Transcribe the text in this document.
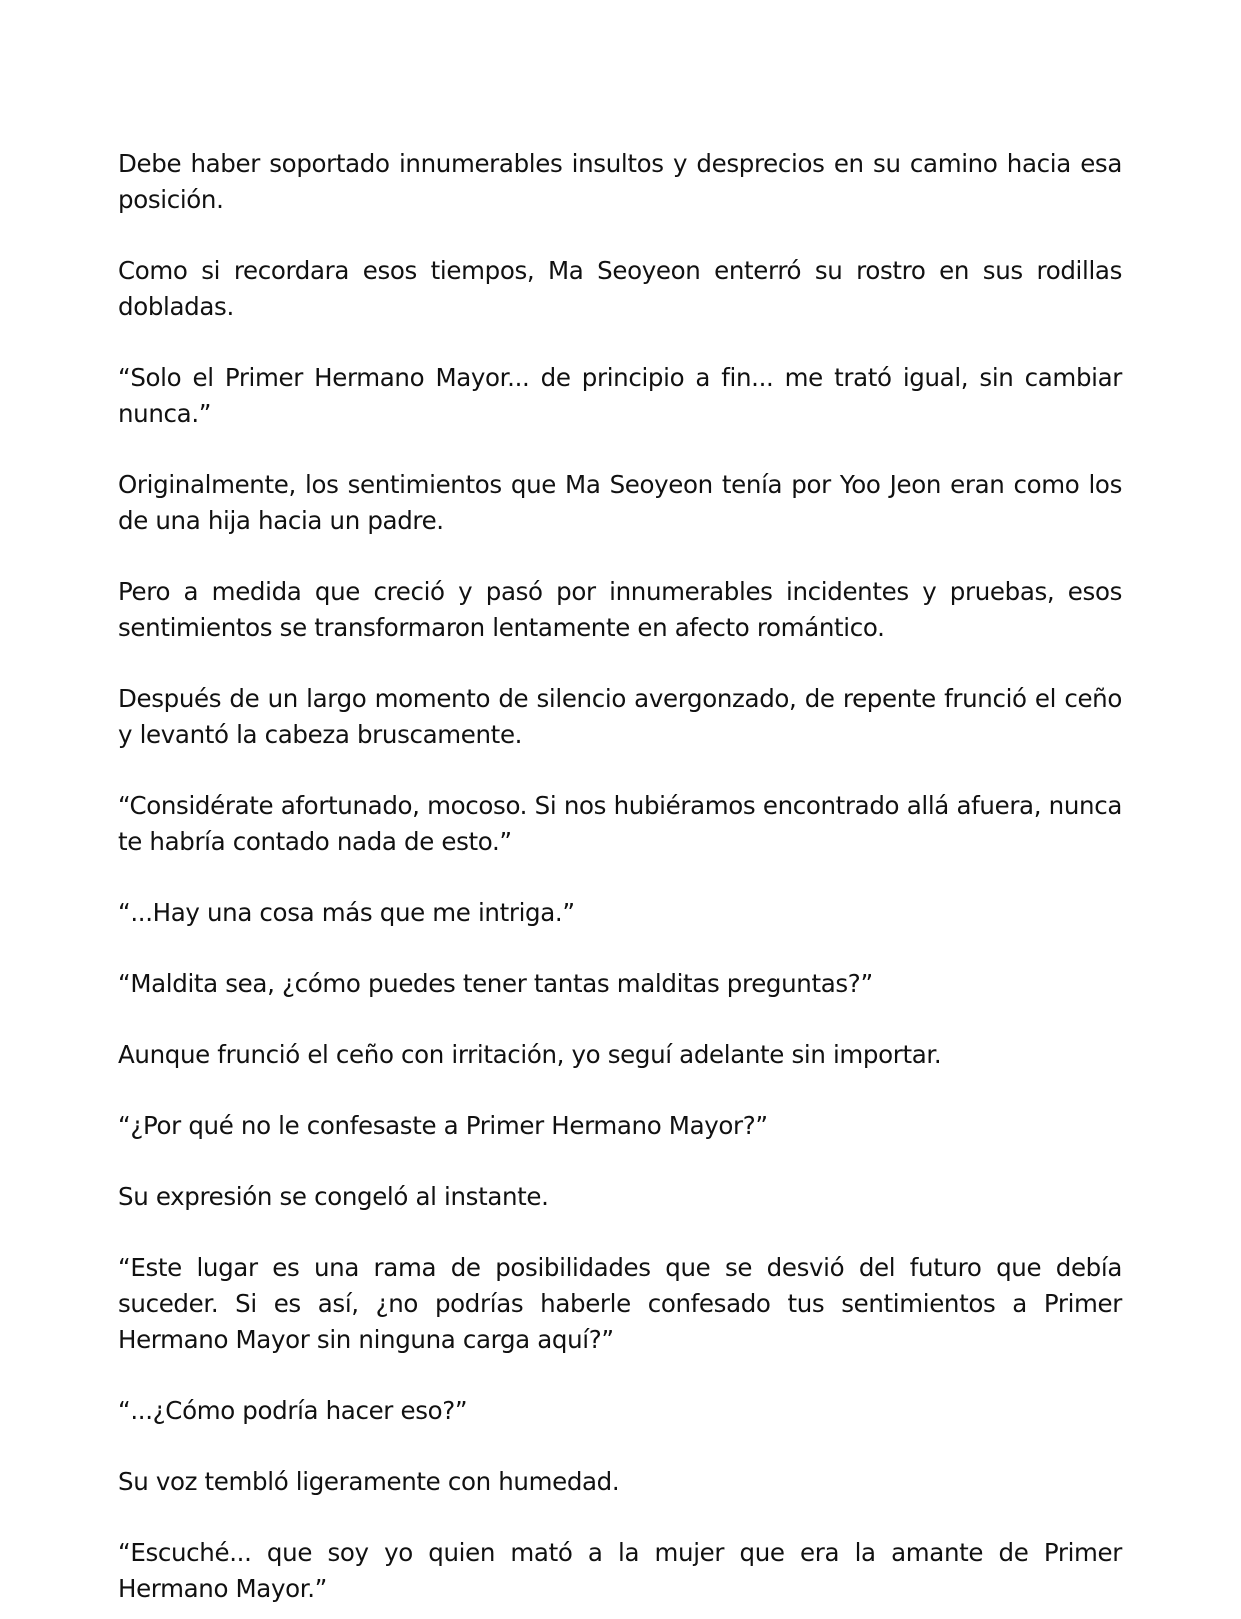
Debe haber soportado innumerables insultos y desprecios en su camino hacia esa posición.

Como si recordara esos tiempos, Ma Seoyeon enterró su rostro en sus rodillas dobladas.

“Solo el Primer Hermano Mayor... de principio a fin... me trató igual, sin cambiar nunca.”

Originalmente, los sentimientos que Ma Seoyeon tenía por Yoo Jeon eran como los de una hija hacia un padre.

Pero a medida que creció y pasó por innumerables incidentes y pruebas, esos sentimientos se transformaron lentamente en afecto romántico.

Después de un largo momento de silencio avergonzado, de repente frunció el ceño y levantó la cabeza bruscamente.

“Considérate afortunado, mocoso. Si nos hubiéramos encontrado allá afuera, nunca te habría contado nada de esto.”

“...Hay una cosa más que me intriga.”

“Maldita sea, ¿cómo puedes tener tantas malditas preguntas?”

Aunque frunció el ceño con irritación, yo seguí adelante sin importar.

“¿Por qué no le confesaste a Primer Hermano Mayor?”

Su expresión se congeló al instante.

“Este lugar es una rama de posibilidades que se desvió del futuro que debía suceder. Si es así, ¿no podrías haberle confesado tus sentimientos a Primer Hermano Mayor sin ninguna carga aquí?”

“...¿Cómo podría hacer eso?”

Su voz tembló ligeramente con humedad.

“Escuché... que soy yo quien mató a la mujer que era la amante de Primer Hermano Mayor.”
